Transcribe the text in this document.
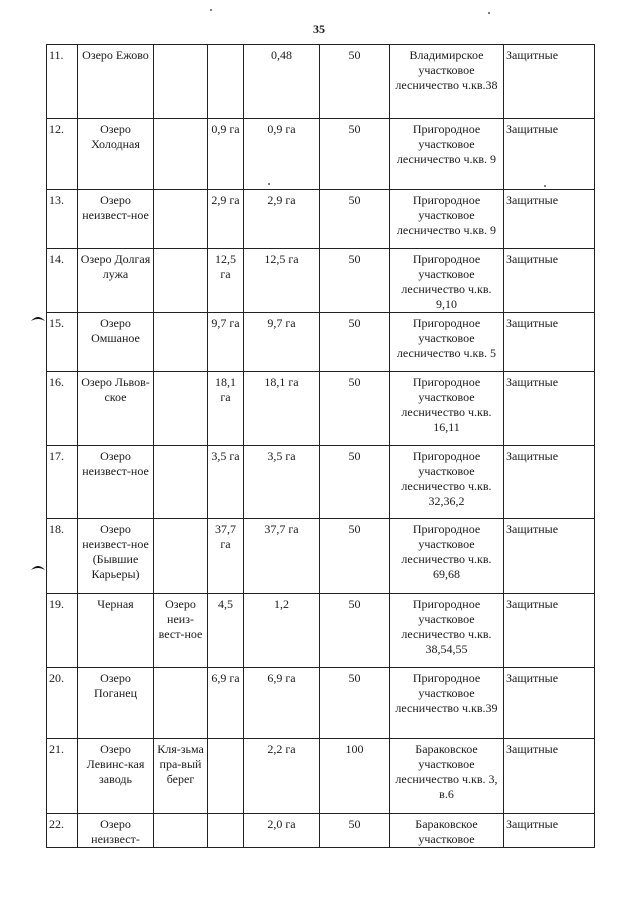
35
11.	Озеро Ежово			0,48	50	Владимирское участковое лесничество ч.кв.38	Защитные
12.	Озеро Холодная		0,9 га	0,9 га	50	Пригородное участковое лесничество ч.кв. 9	Защитные
13.	Озеро неизвест-ное		2,9 га	2,9 га	50	Пригородное участковое лесничество ч.кв. 9	Защитные
14.	Озеро Долгая лужа		12,5 га	12,5 га	50	Пригородное участковое лесничество ч.кв. 9,10	Защитные
15.	Озеро Омшаное		9,7 га	9,7 га	50	Пригородное участковое лесничество ч.кв. 5	Защитные
16.	Озеро Львов-ское		18,1 га	18,1 га	50	Пригородное участковое лесничество ч.кв. 16,11	Защитные
17.	Озеро неизвест-ное		3,5 га	3,5 га	50	Пригородное участковое лесничество ч.кв. 32,36,2	Защитные
18.	Озеро неизвест-ное (Бывшие Карьеры)		37,7 га	37,7 га	50	Пригородное участковое лесничество ч.кв. 69,68	Защитные
19.	Черная	Озеро неиз-вест-ное	4,5	1,2	50	Пригородное участковое лесничество ч.кв. 38,54,55	Защитные
20.	Озеро Поганец		6,9 га	6,9 га	50	Пригородное участковое лесничество ч.кв.39	Защитные
21.	Озеро Левинс-кая заводь	Кля-зьма пра-вый берег		2,2 га	100	Бараковское участковое лесничество ч.кв. 3, в.6	Защитные
22.	Озеро неизвест-			2,0 га	50	Бараковское участковое	Защитные
